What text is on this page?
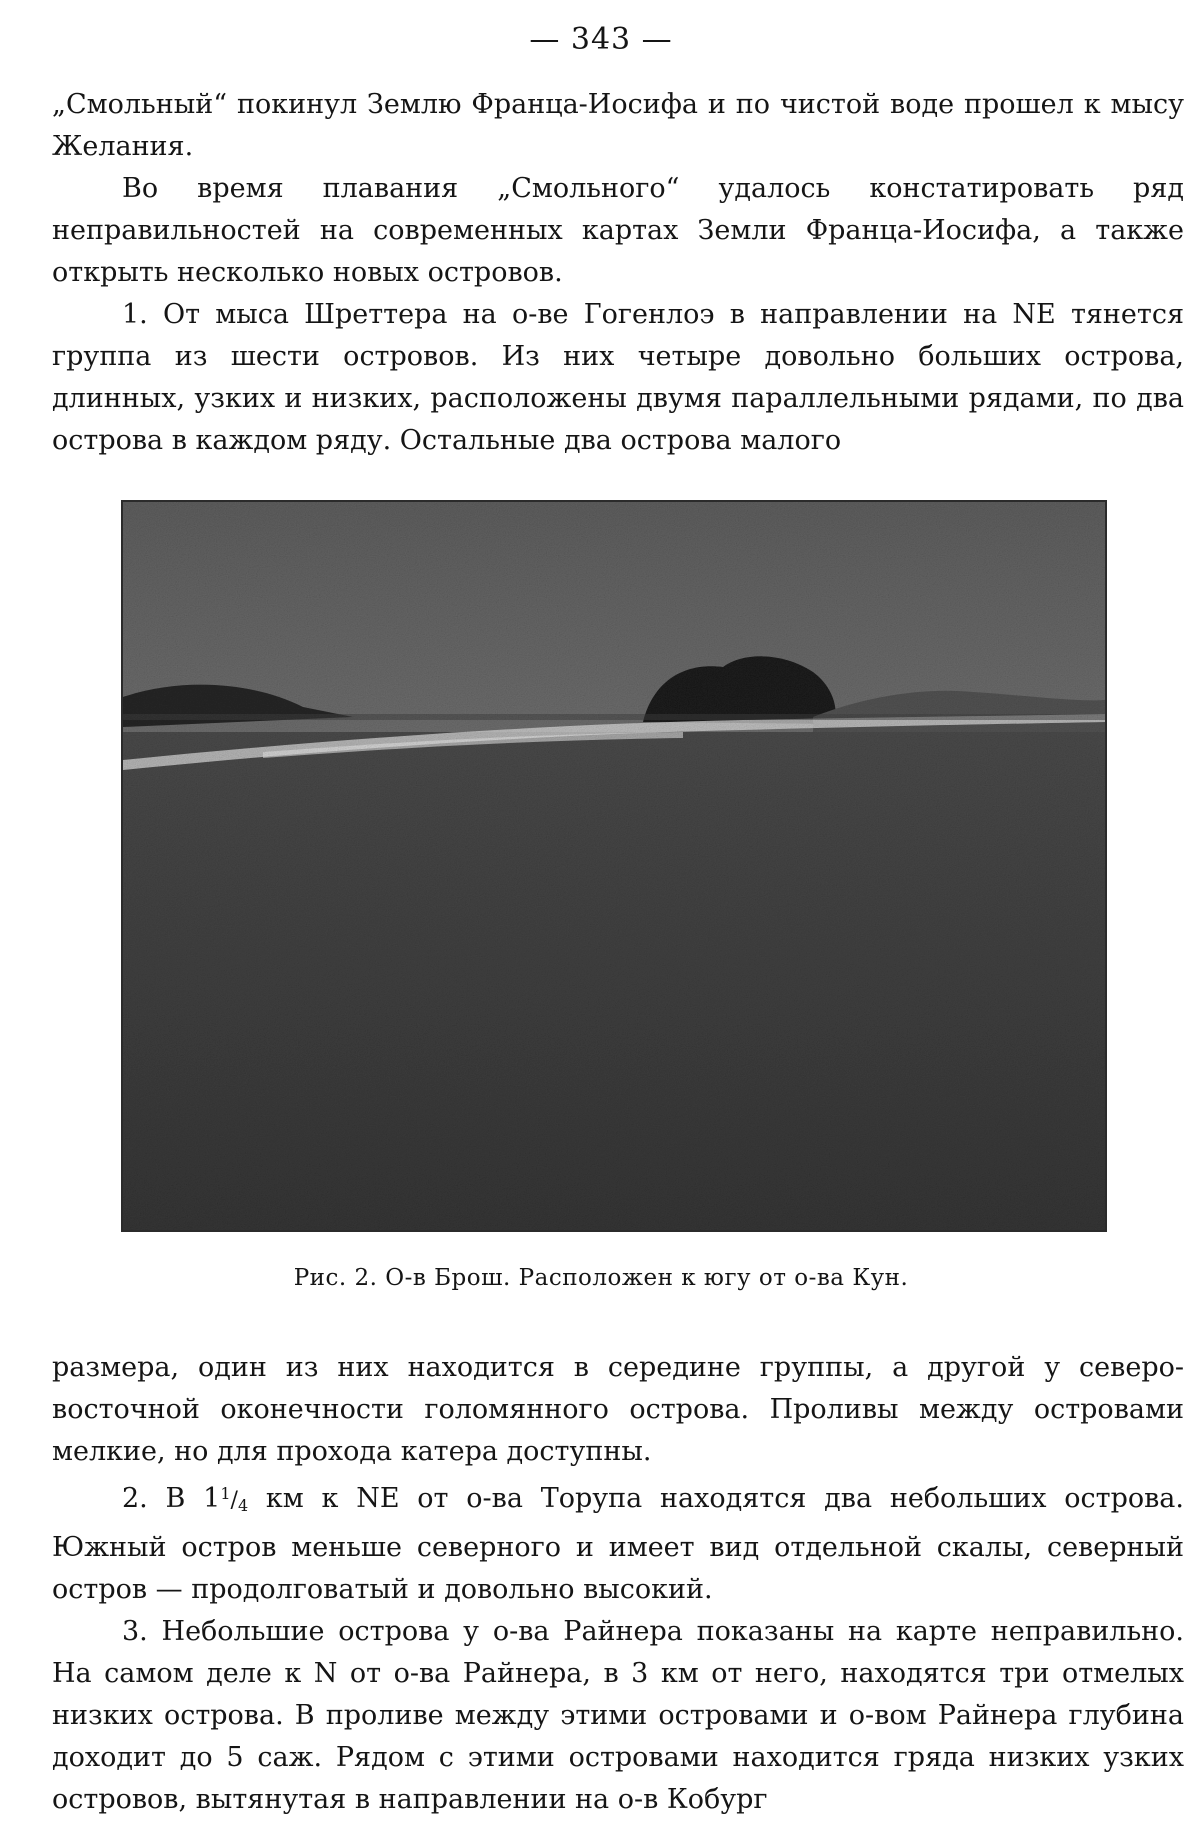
— 343 —

„Смольный“ покинул Землю Франца-Иосифа и по чистой воде прошел к мысу Желания.

Во время плавания „Смольного“ удалось констатировать ряд неправильностей на современных картах Земли Франца-Иосифа, а также открыть несколько новых островов.

1. От мыса Шреттера на о-ве Гогенлоэ в направлении на NE тянется группа из шести островов. Из них четыре довольно больших острова, длинных, узких и низких, расположены двумя параллельными рядами, по два острова в каждом ряду. Остальные два острова малого

Рис. 2. О-в Брош. Расположен к югу от о-ва Кун.

размера, один из них находится в середине группы, а другой у северо-восточной оконечности голомянного острова. Проливы между островами мелкие, но для прохода катера доступны.

2. В $1^1/_4$ км к NE от о-ва Торупа находятся два небольших острова. Южный остров меньше северного и имеет вид отдельной скалы, северный остров — продолговатый и довольно высокий.

3. Небольшие острова у о-ва Райнера показаны на карте неправильно. На самом деле к N от о-ва Райнера, в 3 км от него, находятся три отмелых низких острова. В проливе между этими островами и о-вом Райнера глубина доходит до 5 саж. Рядом с этими островами находится гряда низких узких островов, вытянутая в направлении на о-в Кобург
